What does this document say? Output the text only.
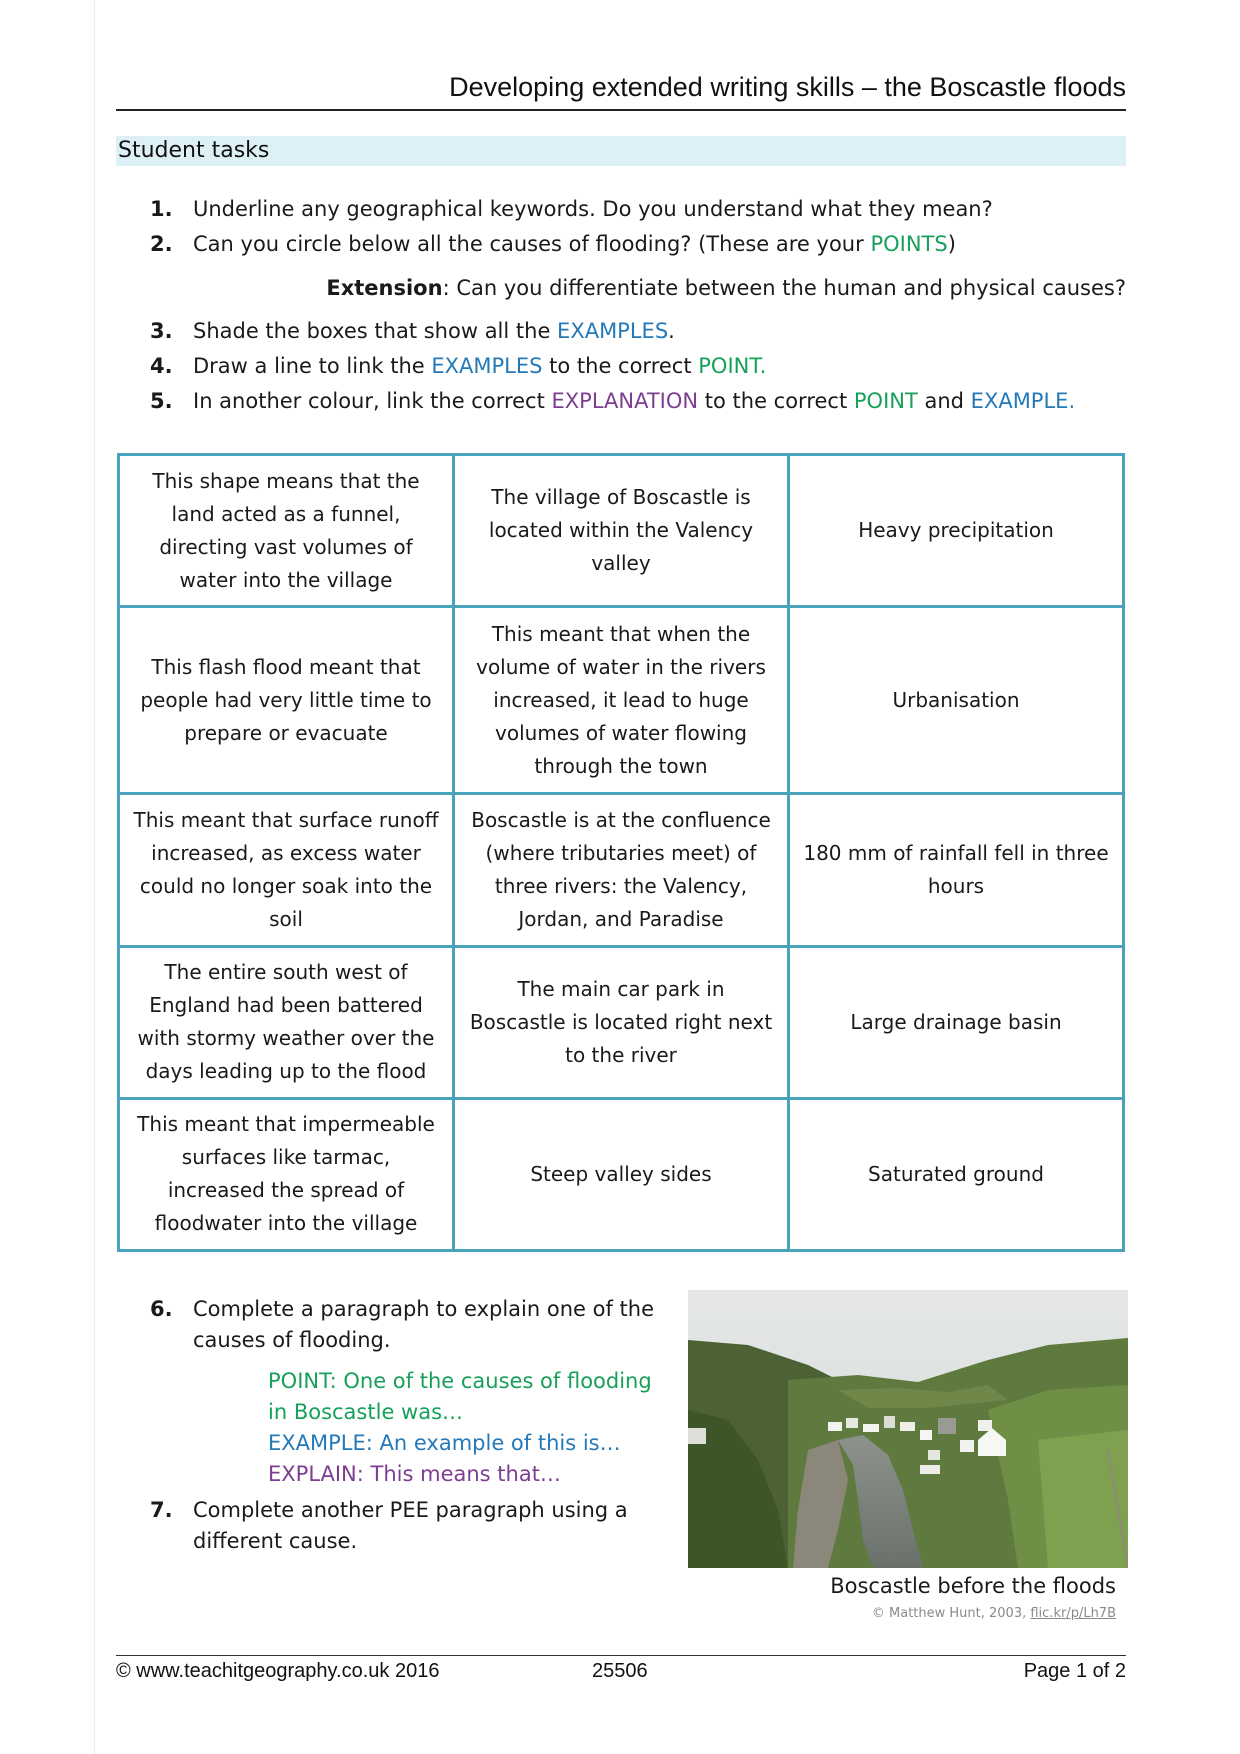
Developing extended writing skills – the Boscastle floods
Student tasks
1. Underline any geographical keywords. Do you understand what they mean?
2. Can you circle below all the causes of flooding? (These are your POINTS)
Extension: Can you differentiate between the human and physical causes?
3. Shade the boxes that show all the EXAMPLES.
4. Draw a line to link the EXAMPLES to the correct POINT.
5. In another colour, link the correct EXPLANATION to the correct POINT and EXAMPLE.
This shape means that the land acted as a funnel, directing vast volumes of water into the village	The village of Boscastle is located within the Valency valley	Heavy precipitation
This flash flood meant that people had very little time to prepare or evacuate	This meant that when the volume of water in the rivers increased, it lead to huge volumes of water flowing through the town	Urbanisation
This meant that surface runoff increased, as excess water could no longer soak into the soil	Boscastle is at the confluence (where tributaries meet) of three rivers: the Valency, Jordan, and Paradise	180 mm of rainfall fell in three hours
The entire south west of England had been battered with stormy weather over the days leading up to the flood	The main car park in Boscastle is located right next to the river	Large drainage basin
This meant that impermeable surfaces like tarmac, increased the spread of floodwater into the village	Steep valley sides	Saturated ground
6. Complete a paragraph to explain one of the causes of flooding.
POINT: One of the causes of flooding in Boscastle was…
EXAMPLE: An example of this is…
EXPLAIN: This means that…
7. Complete another PEE paragraph using a different cause.
Boscastle before the floods
© Matthew Hunt, 2003, flic.kr/p/Lh7B
© www.teachitgeography.co.uk 2016	25506	Page 1 of 2
